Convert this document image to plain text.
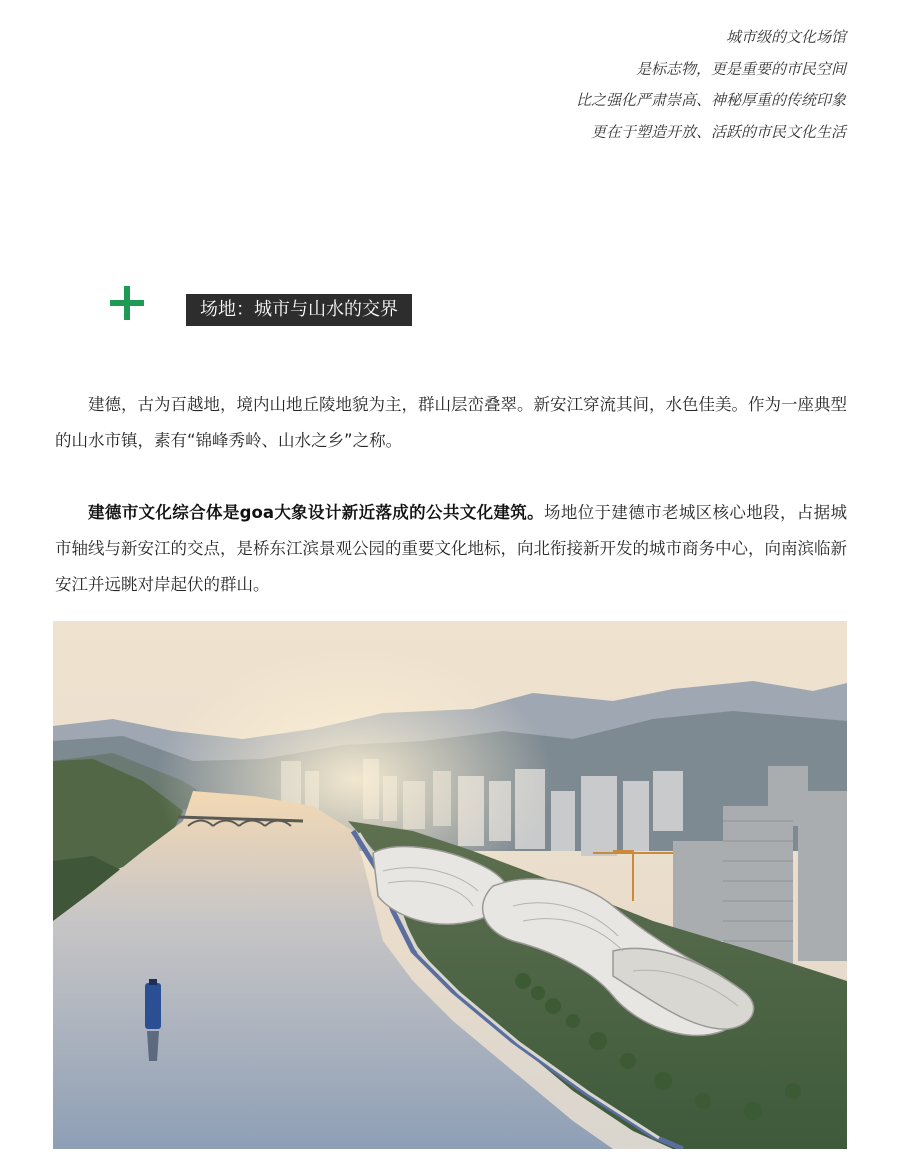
城市级的文化场馆
是标志物，更是重要的市民空间
比之强化严肃崇高、神秘厚重的传统印象
更在于塑造开放、活跃的市民文化生活
场地：城市与山水的交界

建德，古为百越地，境内山地丘陵地貌为主，群山层峦叠翠。新安江穿流其间，水色佳美。作为一座典型的山水市镇，素有“锦峰秀岭、山水之乡”之称。

建德市文化综合体是goa大象设计新近落成的公共文化建筑。场地位于建德市老城区核心地段，占据城市轴线与新安江的交点，是桥东江滨景观公园的重要文化地标，向北衔接新开发的城市商务中心，向南滨临新安江并远眺对岸起伏的群山。
